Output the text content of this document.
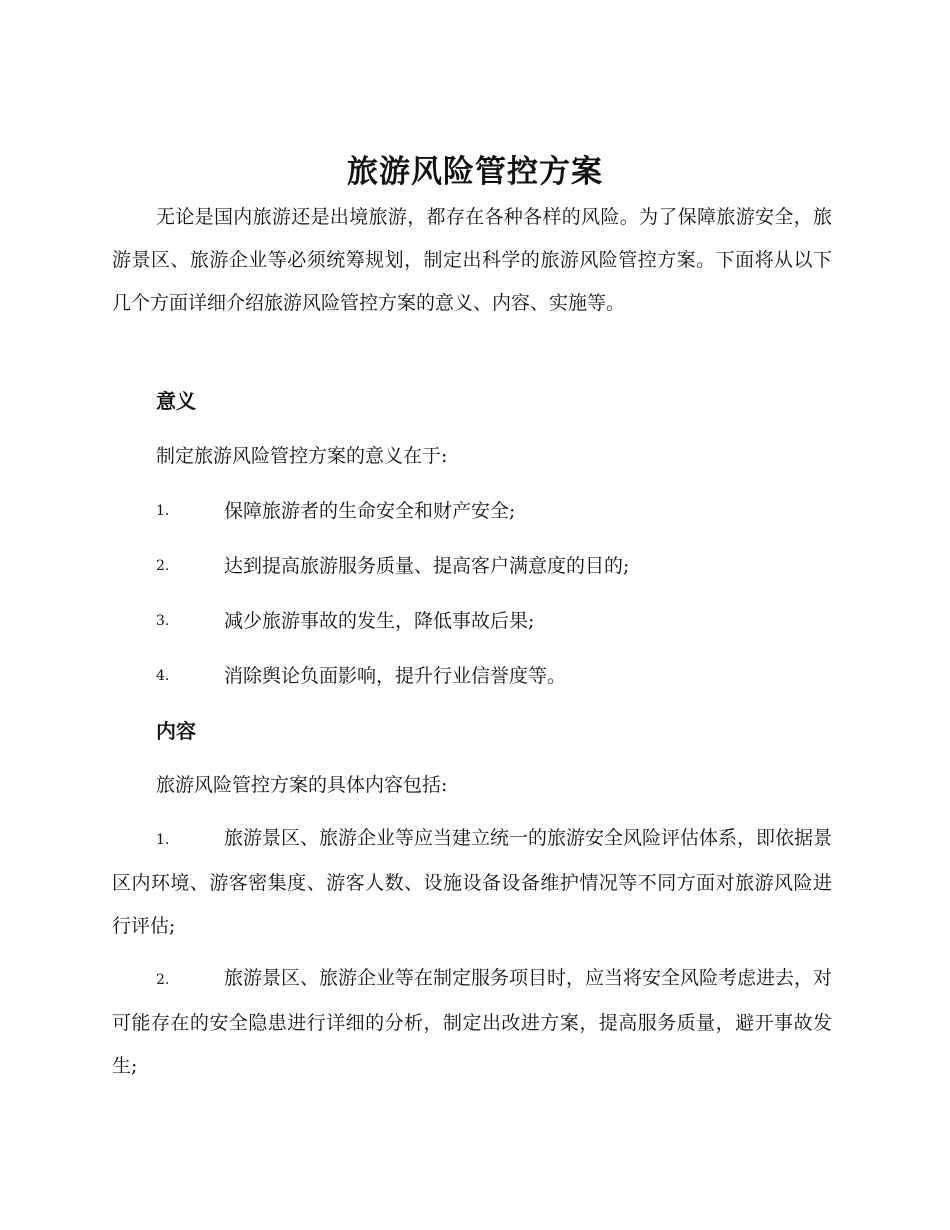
旅游风险管控方案

无论是国内旅游还是出境旅游，都存在各种各样的风险。为了保障旅游安全，旅游景区、旅游企业等必须统筹规划，制定出科学的旅游风险管控方案。下面将从以下几个方面详细介绍旅游风险管控方案的意义、内容、实施等。

意义
制定旅游风险管控方案的意义在于:
1.	保障旅游者的生命安全和财产安全;
2.	达到提高旅游服务质量、提高客户满意度的目的;
3.	减少旅游事故的发生，降低事故后果;
4.	消除舆论负面影响，提升行业信誉度等。
内容
旅游风险管控方案的具体内容包括:

1.	旅游景区、旅游企业等应当建立统一的旅游安全风险评估体系，即依据景区内环境、游客密集度、游客人数、设施设备设备维护情况等不同方面对旅游风险进行评估;

2.	旅游景区、旅游企业等在制定服务项目时，应当将安全风险考虑进去，对可能存在的安全隐患进行详细的分析，制定出改进方案，提高服务质量，避开事故发生;
